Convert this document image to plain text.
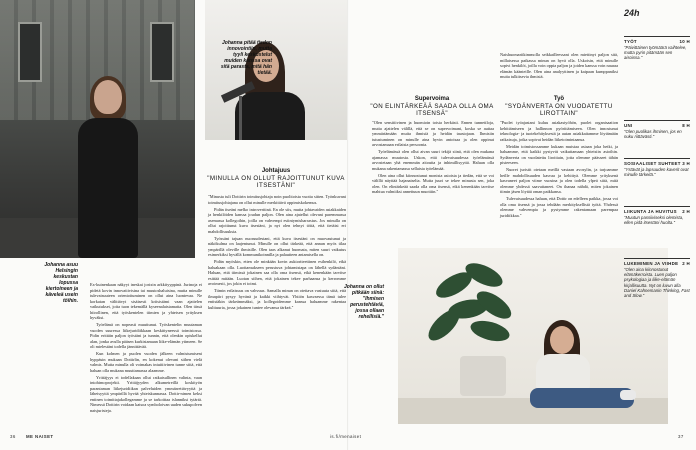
Johanna asuu Helsingin keskustan lopussa kiertoineen ja käveleä usein töihin.
Johanna pitää tiedon innovointiin, mutta tyyli keskustelut muiden kanssa ovat sitä parasta, mitä hän tietää.

Ex-kuinenkaan näkyyt ineskai jorixin arkkityyppinä. Jurinoja ei pidetä kovin innovatiivisina tai muutoshaluisina, mutta minulle tulevaisuuteen orientoituminen on ollut aina luontevaa. Ne korkatan välittävyt sisäisesti kriisistämi vaan ajattelen vaikutukset, joita tuon tekemällä kyseenalaistamatta. Olen tässä hiirollinen, että työskentelen tiimien ja yhteisen yrityksen hyväksi.

Työelämä on nopeasti muuttunut. Työskentelin muutaman vuoden suuressa liikejuridiikkaan keskittyneessä toimistossa. Pidin erittäin paljon työstäni ja tunnin, että olenkin opiskellut alan, jonka avulla pääsen kurkistamaan liike-elämän ytimeen. Se oli mielestäni todella jännittävää.

Kun kolmen ja puolen vuoden jälkeen valmistumiseni hyppäsin mukaan Dottirlin, en kokenut olevani siihen vielä valmis. Mutta minulla oli voimakas intuitiivinen tunne siitä, että haluan olla mukana muuttamassa alaamme.

Yrittäjyys ei todellakaan ollut ratkaisullinen valinta, vaan intohimoprojekti. Yrittäjyyden alkumetreillä koskityön parantaman liikejuridiikan palveluiden ymmärrettävyyttä ja läheisyyttä ympärillä hyvää yhteiskunnassa. Dottir-nimen keksi entinen toimittajakollegamme ja se tarkoittaa islanniksi tytärtä. Nimessä Dottirin voidaan katsoa symboloivan uuden sukupolven naisjuristeja.

Johtajuus
"MINULLA ON OLLUT RAJOITTUNUT KUVA ITSESTÄNI"

"Minusta tuli Dottirin toimitusjohtaja noin puolitoista vuotta sitten. Työnkuvani toimitusjohtajana on ollut minulle merkittävä oppimiskokemus.

Pidän itseäni melko introverttinä. En ole siis, mutta johtavaiden asiakkaiden ja henkilöiden kanssa joudun paljon. Olen aina ajatellut olevani paremmassa asemassa kollegoihin, joilla on vahvempi esiintymisharrastus. Jos minulla on ollut rajoittunut kuva itsestäni, ja nyt olen tehnyt töitä, että tietäisi eri mahdollisuuksia.

Työssäni tajuan nuoruudestani, että kuva itsestäni on muovautunut ja näkökulma on laajentunut. Minulle on ollut tärkeää, että annan myös tilaa ympärillä oleville ihmisille. Olen taas alkanut huomata, miten suuri vaikutus esimerkiksi hyvällä kommunikoinnilla ja palautteen antamisella on.

Pidän myöskin, etten ole minkään kovin auktoriteettinen esihenkilö, eikä haluakaan olla. Luottamukseen perustuva johtamistapa on lähellä sydäntäni. Haluan, että tiimissä jokainen saa olla oma itsensä, eikä kenenkään tarvitse esittää mitään. Luotan siihen, että jokainen tekee parhaansa ja kerromme avoimesti, jos jokin ei toimi.

Tiimin erilaisuus on vahvuus. Samalla minun on otettava vastuuta siitä, että ilmapiiri pysyy hyvänä ja kaikki viihtyvät. Yhtiön kasvaessa tämä tulee entistäkin tärkeämmäksi, ja kollegoidemme kanssa haluamme rakentaa kulttuuria, jossa jokainen tuntee olevansa tärkeä."

Naishuomariikimmolla seikkailleessani olen miettinyt paljon sitä, millaisessa paikassa minun on hyvä olla. Uskoisin, että minulle sopivi henkilöt, joilla voin oppia paljon ja joiden kanssa voin nauraa elämän käänteille. Olen aina analyyttinen ja kaipaan kumppaniksi muita tulkitsevia ihmisiä.

Supervoima
"ON ELINTÄRKEÄÄ SAADA OLLA OMA ITSENSÄ"

"Olen sensitiivinen ja huomioin toisia herkästi. Ennen tunnetiloja, mutta ajattelen välillä, että se on supervoimani, koska se auttaa ymmärtämään muita ihmisiä ja heidän taustojaan. Ihmisiin tutustuminen on minulle aina hyvin antoisaa ja olen oppinut arvostamaan erilaisia persoonia.

Työelämässä olen ollut aivan suuri tekijä siinä, että olen mukana ajamassa muutosta. Uskon, että tulevaisuudessa työelämässä arvostetaan yhä enemmän aitoutta ja inhimillisyyttä. Haluan olla mukana rakentamassa sellaista työelämää.

Olen aina ollut kiinnostunut monista asioista ja tiedän, että se voi välillä näyttää hajanaiselta. Mutta juuri se tekee minusta sen, joka olen. On elintärkeää saada olla oma itsensä, eikä kenenkään tarvitse mahtua valmiiksi annettuun muottiin."

Työ
"SYDÄNVERTA ON VUODATETTU LIROTTAIN"

"Puolet työajastani kuluu asiakastyöhön, puolet organisaation kehittämiseen ja hallinnon pyörittämiseen. Olen innostunut teknologia- ja tuotekehityksestä ja autan asiakkaitamme löytämään ratkaisuja, jotka sopivat heidän liiketoimintaansa.

Meidän toimistossamme kukaan muistaa asiaan joka hetki, ja haluamme, että kaikki pystyvät vaikuttamaan yhteisiin asioihin. Sydänverta on vuodatettu liroittain, jotta olemme päässeet tähän pisteeseen.

Nuoret juristit otetaan meillä vastaan avosylin, ja tarjoamme heille mahdollisuuden kasvaa ja kehittyä. Olemme yrityksenä kasvaneet paljon viime vuosina ja olen todella ylpeä siitä, mitä olemme yhdessä saavuttaneet. On ihanaa nähdä, miten jokainen tiimin jäsen löytää oman paikkansa.

Tulevaisuudessa haluan, että Dottir on edelleen paikka, jossa voi olla oma itsensä ja jossa tehdään merkityksellistä työtä. Yhdessä olemme vahvempia ja pystymme rakentamaan parempaa juridiikkaa."

Johanna on ollut pitkään siinä: "Ihmisen perustehtäviä, jossa ollaan rehellisiä."
24h
TYÖT	10 H
"Päivittäinen työmäärä vaihtelee, mutta pyrin pitämään sen aisoissa."
UNI	8 H
"Olen puolikas ihminen, jos en nuku riittävästi."
SOSIAALISET SUHTEET 3 H
"Ystävät ja lapsuuden kaverit ovat minulle tärkeitä."
LIIKUNTA JA HUVITUS 2 H
"Muutun passiiviseksi olemista, ellen pidä itsestäni huolta."
LUKEMINEN JA VIIHDE 2 H
"Olen aina kiinnostunut elämäkerroista. Luen paljon psykologiaa ja liike-elämän kirjallisuutta. Nyt on luvun alla Daniel Kahnemanin Thinking, Fast and Slow."
36 ME NAISET	is.fi/menaiset	37
